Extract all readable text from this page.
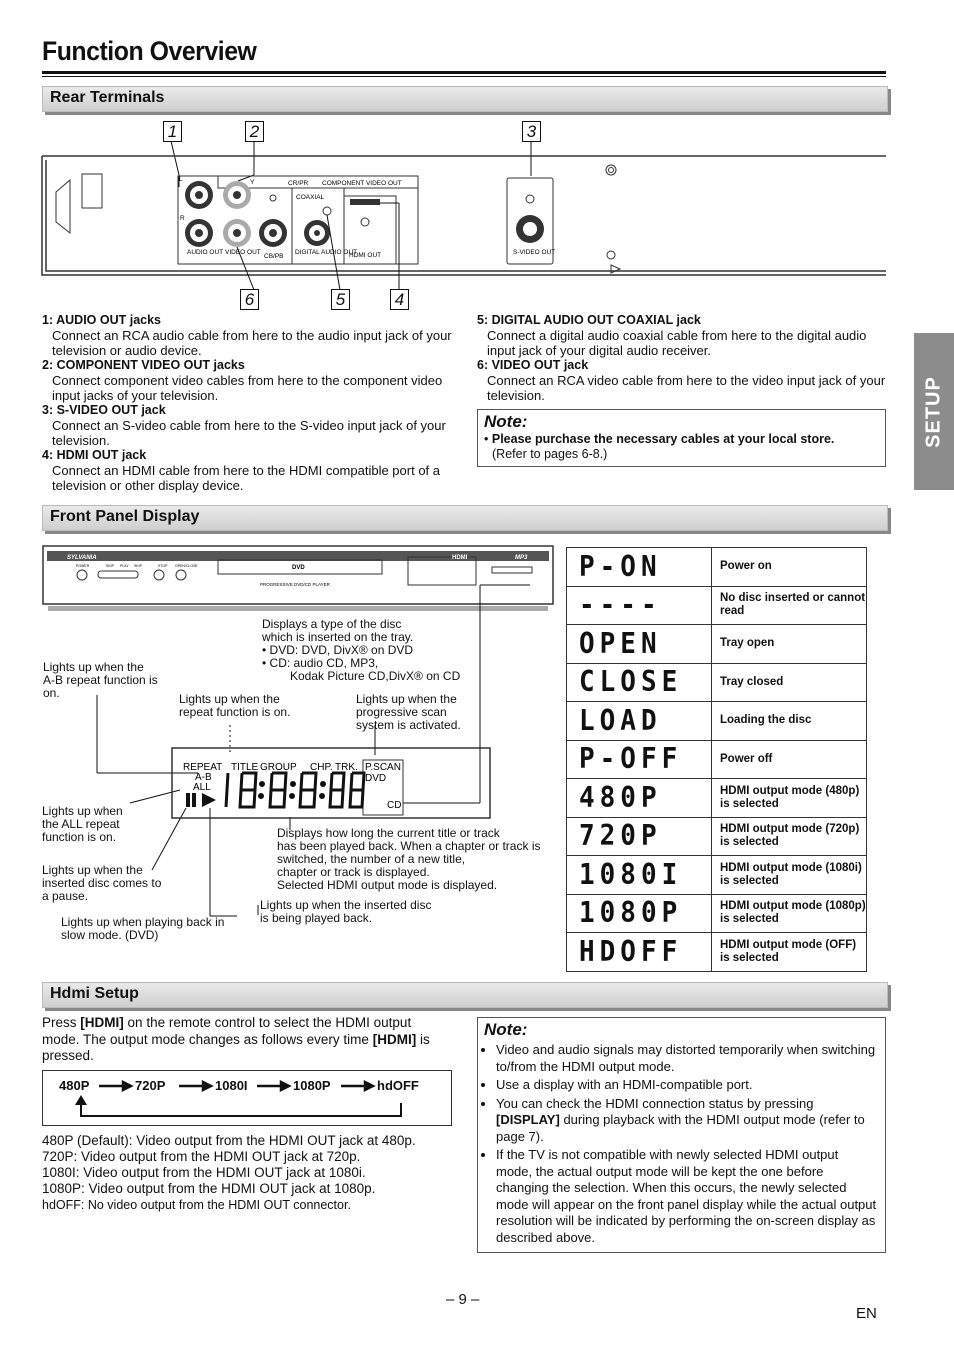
Function Overview
SETUP
Rear Terminals
L
R
Y	CR/PR COMPONENT VIDEO OUT
COAXIAL
AUDIO OUT VIDEO OUT
CB/PB
DIGITAL AUDIO OUT
HDMI OUT	S-VIDEO OUT
1	2	3
6	5	4
1: AUDIO OUT jacks
Connect an RCA audio cable from here to the audio input jack of your television or audio device.
2: COMPONENT VIDEO OUT jacks
Connect component video cables from here to the component video input jacks of your television.
3: S-VIDEO OUT jack
Connect an S-video cable from here to the S-video input jack of your television.
4: HDMI OUT jack
Connect an HDMI cable from here to the HDMI compatible port of a television or other display device.
5: DIGITAL AUDIO OUT COAXIAL jack
Connect a digital audio coaxial cable from here to the digital audio input jack of your digital audio receiver.
6: VIDEO OUT jack
Connect an RCA video cable from here to the video input jack of your television.
Note:
• Please purchase the necessary cables at your local store.
(Refer to pages 6-8.)
Front Panel Display
SYLVANIA
DVD
PROGRESSIVE DVD/CD PLAYER
HDMI	MP3
POWER	SKIP PLAY SKIP	STOP OPEN/CLOSE
Displays a type of the disc
which is inserted on the tray.
• DVD: DVD, DivX® on DVD
• CD: audio CD, MP3,
Kodak Picture CD,DivX® on CD
Lights up when the A-B repeat function is on.	Lights up when the repeat function is on.
Lights up when the progressive scan system is activated.
Lights up when the ALL repeat function is on.
Lights up when the inserted disc comes to a pause.
Lights up when playing back in slow mode. (DVD)
Lights up when the inserted disc is being played back.
Displays how long the current title or track
has been played back. When a chapter or track is
switched, the number of a new title,
chapter or track is displayed.
Selected HDMI output mode is displayed.
REPEAT
A-B
ALL
TITLE GROUP CHP. TRK. P.SCAN
DVD
CD
P-ON	Power on

----	No disc inserted or cannot read

OPEN	Tray open

CLOSE	Tray closed

LOAD	Loading the disc

P-OFF	Power off

480P	HDMI output mode (480p) is selected

720P	HDMI output mode (720p) is selected

1080I	HDMI output mode (1080i) is selected

1080P	HDMI output mode (1080p) is selected

HDOFF	HDMI output mode (OFF) is selected
Hdmi Setup
Press [HDMI] on the remote control to select the HDMI output mode. The output mode changes as follows every time [HDMI] is pressed.
480P	720P	1080I	1080P	hdOFF
480P (Default): Video output from the HDMI OUT jack at 480p.
720P: Video output from the HDMI OUT jack at 720p.
1080I: Video output from the HDMI OUT jack at 1080i.
1080P: Video output from the HDMI OUT jack at 1080p.
hdOFF: No video output from the HDMI OUT connector.
Note:
• Video and audio signals may distorted temporarily when switching to/from the HDMI output mode.
• Use a display with an HDMI-compatible port.
• You can check the HDMI connection status by pressing [DISPLAY] during playback with the HDMI output mode (refer to page 7).
• If the TV is not compatible with newly selected HDMI output mode, the actual output mode will be kept the one before changing the selection. When this occurs, the newly selected mode will appear on the front panel display while the actual output resolution will be indicated by performing the on-screen display as described above.
– 9 –
EN
